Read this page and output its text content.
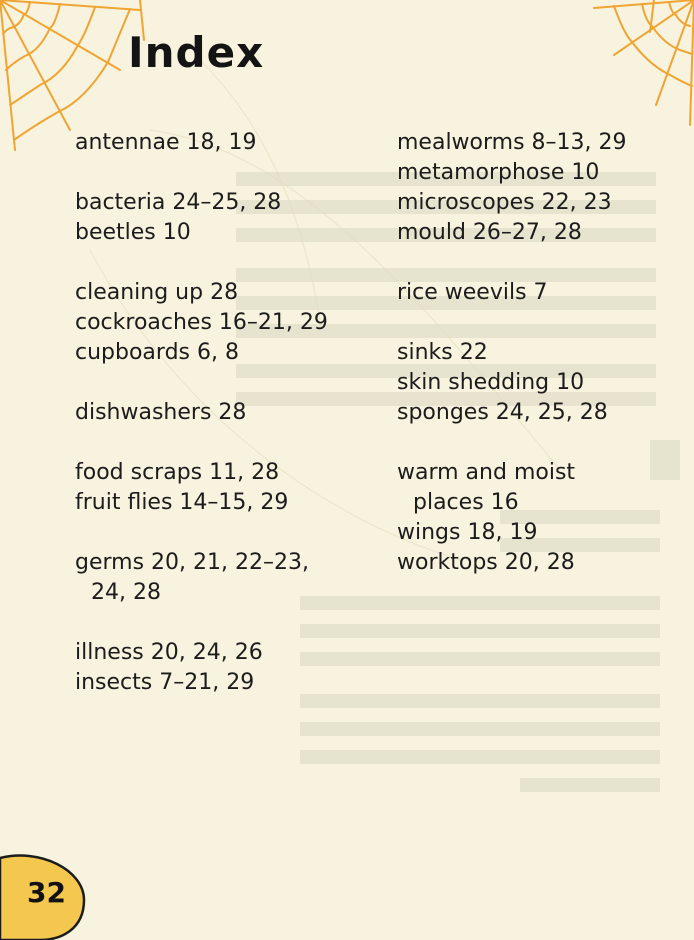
Index
antennae 18, 19
bacteria 24–25, 28
beetles 10
cleaning up 28
cockroaches 16–21, 29
cupboards 6, 8
dishwashers 28
food scraps 11, 28
fruit flies 14–15, 29
germs 20, 21, 22–23,
24, 28
illness 20, 24, 26
insects 7–21, 29
mealworms 8–13, 29
metamorphose 10
microscopes 22, 23
mould 26–27, 28
rice weevils 7
sinks 22
skin shedding 10
sponges 24, 25, 28
warm and moist
places 16
wings 18, 19
worktops 20, 28
32
